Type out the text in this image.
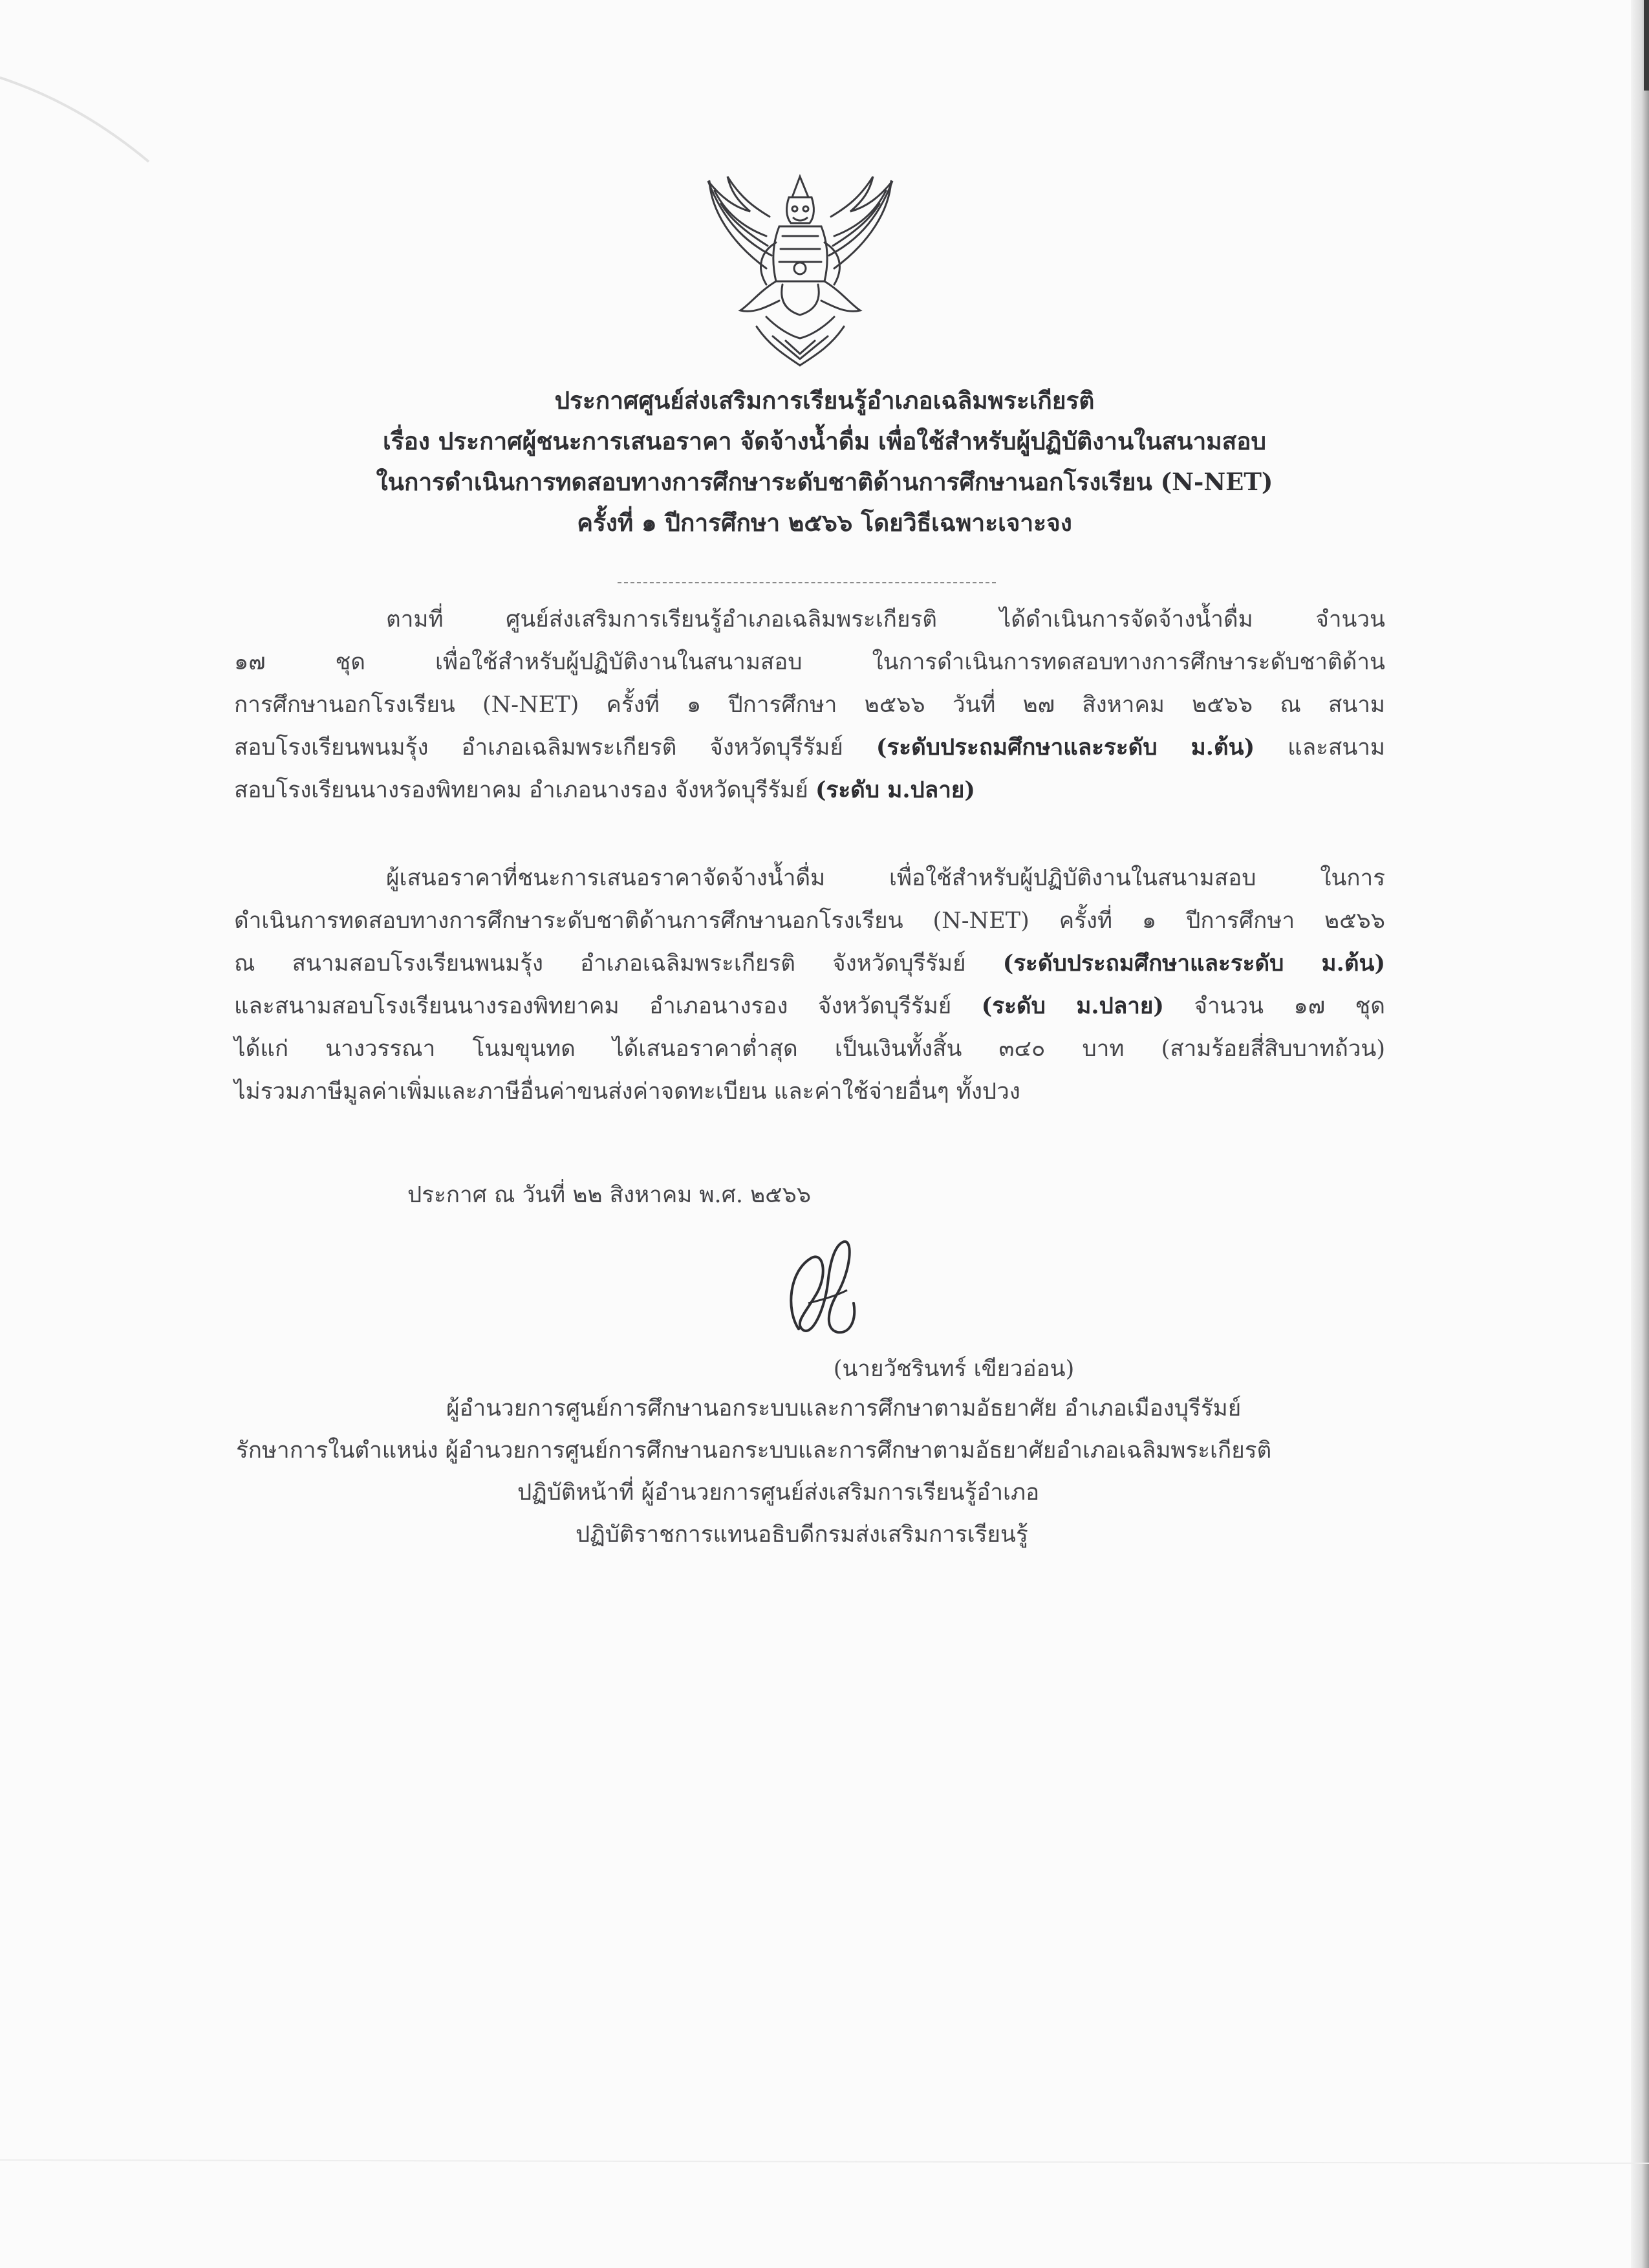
ประกาศศูนย์ส่งเสริมการเรียนรู้อำเภอเฉลิมพระเกียรติ
เรื่อง ประกาศผู้ชนะการเสนอราคา จัดจ้างน้ำดื่ม เพื่อใช้สำหรับผู้ปฏิบัติงานในสนามสอบ
ในการดำเนินการทดสอบทางการศึกษาระดับชาติด้านการศึกษานอกโรงเรียน (N-NET)
ครั้งที่ ๑ ปีการศึกษา ๒๕๖๖ โดยวิธีเฉพาะเจาะจง
ตามที่ ศูนย์ส่งเสริมการเรียนรู้อำเภอเฉลิมพระเกียรติ ได้ดำเนินการจัดจ้างน้ำดื่ม จำนวน
๑๗ ชุด เพื่อใช้สำหรับผู้ปฏิบัติงานในสนามสอบ ในการดำเนินการทดสอบทางการศึกษาระดับชาติด้าน
การศึกษานอกโรงเรียน (N-NET) ครั้งที่ ๑ ปีการศึกษา ๒๕๖๖ วันที่ ๒๗ สิงหาคม ๒๕๖๖ ณ สนาม
สอบโรงเรียนพนมรุ้ง อำเภอเฉลิมพระเกียรติ จังหวัดบุรีรัมย์ (ระดับประถมศึกษาและระดับ ม.ต้น) และสนาม
สอบโรงเรียนนางรองพิทยาคม อำเภอนางรอง จังหวัดบุรีรัมย์ (ระดับ ม.ปลาย)
ผู้เสนอราคาที่ชนะการเสนอราคาจัดจ้างน้ำดื่ม เพื่อใช้สำหรับผู้ปฏิบัติงานในสนามสอบ ในการ
ดำเนินการทดสอบทางการศึกษาระดับชาติด้านการศึกษานอกโรงเรียน (N-NET) ครั้งที่ ๑ ปีการศึกษา ๒๕๖๖
ณ สนามสอบโรงเรียนพนมรุ้ง อำเภอเฉลิมพระเกียรติ จังหวัดบุรีรัมย์ (ระดับประถมศึกษาและระดับ ม.ต้น)
และสนามสอบโรงเรียนนางรองพิทยาคม อำเภอนางรอง จังหวัดบุรีรัมย์ (ระดับ ม.ปลาย) จำนวน ๑๗ ชุด
ได้แก่ นางวรรณา โนมขุนทด ได้เสนอราคาต่ำสุด เป็นเงินทั้งสิ้น ๓๔๐ บาท (สามร้อยสี่สิบบาทถ้วน)
ไม่รวมภาษีมูลค่าเพิ่มและภาษีอื่นค่าขนส่งค่าจดทะเบียน และค่าใช้จ่ายอื่นๆ ทั้งปวง
ประกาศ ณ วันที่ ๒๒ สิงหาคม พ.ศ. ๒๕๖๖
(นายวัชรินทร์ เขียวอ่อน)
ผู้อำนวยการศูนย์การศึกษานอกระบบและการศึกษาตามอัธยาศัย อำเภอเมืองบุรีรัมย์
รักษาการในตำแหน่ง ผู้อำนวยการศูนย์การศึกษานอกระบบและการศึกษาตามอัธยาศัยอำเภอเฉลิมพระเกียรติ
ปฏิบัติหน้าที่ ผู้อำนวยการศูนย์ส่งเสริมการเรียนรู้อำเภอ
ปฏิบัติราชการแทนอธิบดีกรมส่งเสริมการเรียนรู้
